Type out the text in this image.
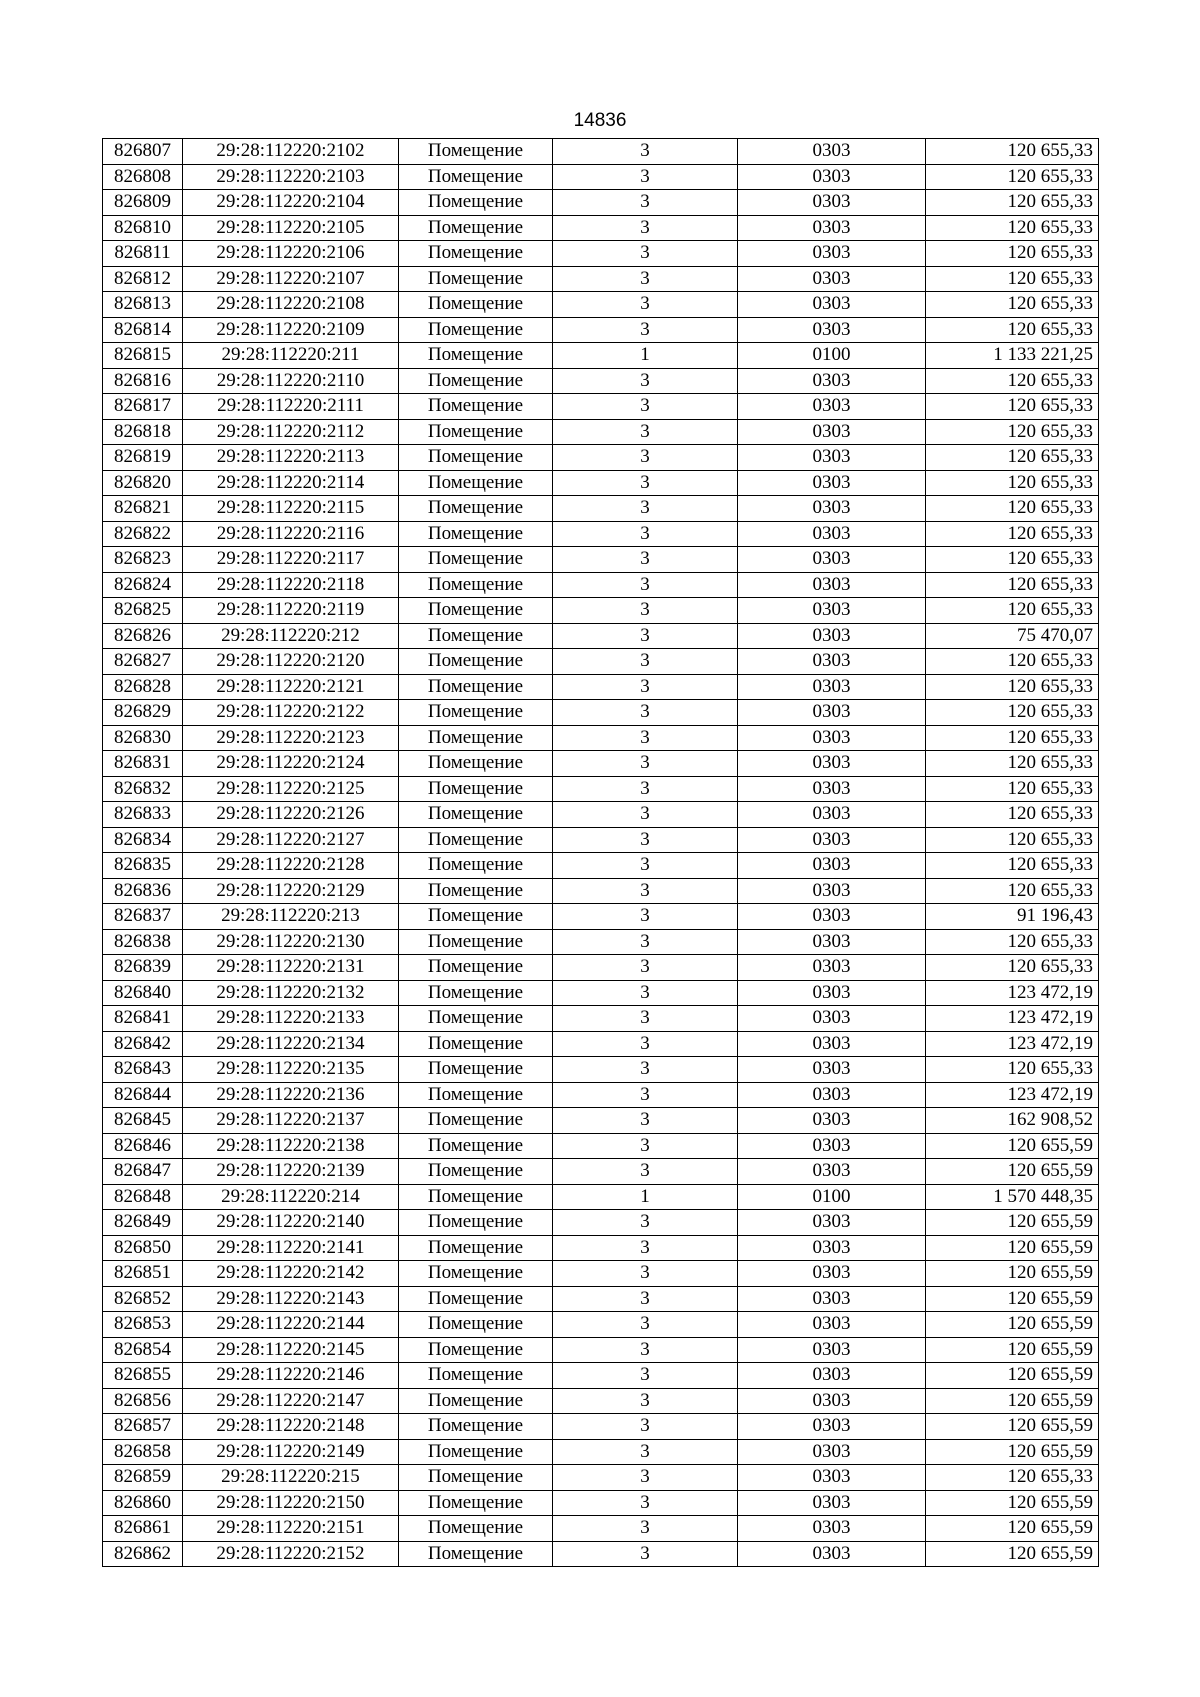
14836
826807	29:28:112220:2102	Помещение	3	0303	120 655,33
826808	29:28:112220:2103	Помещение	3	0303	120 655,33
826809	29:28:112220:2104	Помещение	3	0303	120 655,33
826810	29:28:112220:2105	Помещение	3	0303	120 655,33
826811	29:28:112220:2106	Помещение	3	0303	120 655,33
826812	29:28:112220:2107	Помещение	3	0303	120 655,33
826813	29:28:112220:2108	Помещение	3	0303	120 655,33
826814	29:28:112220:2109	Помещение	3	0303	120 655,33
826815	29:28:112220:211	Помещение	1	0100	1 133 221,25
826816	29:28:112220:2110	Помещение	3	0303	120 655,33
826817	29:28:112220:2111	Помещение	3	0303	120 655,33
826818	29:28:112220:2112	Помещение	3	0303	120 655,33
826819	29:28:112220:2113	Помещение	3	0303	120 655,33
826820	29:28:112220:2114	Помещение	3	0303	120 655,33
826821	29:28:112220:2115	Помещение	3	0303	120 655,33
826822	29:28:112220:2116	Помещение	3	0303	120 655,33
826823	29:28:112220:2117	Помещение	3	0303	120 655,33
826824	29:28:112220:2118	Помещение	3	0303	120 655,33
826825	29:28:112220:2119	Помещение	3	0303	120 655,33
826826	29:28:112220:212	Помещение	3	0303	75 470,07
826827	29:28:112220:2120	Помещение	3	0303	120 655,33
826828	29:28:112220:2121	Помещение	3	0303	120 655,33
826829	29:28:112220:2122	Помещение	3	0303	120 655,33
826830	29:28:112220:2123	Помещение	3	0303	120 655,33
826831	29:28:112220:2124	Помещение	3	0303	120 655,33
826832	29:28:112220:2125	Помещение	3	0303	120 655,33
826833	29:28:112220:2126	Помещение	3	0303	120 655,33
826834	29:28:112220:2127	Помещение	3	0303	120 655,33
826835	29:28:112220:2128	Помещение	3	0303	120 655,33
826836	29:28:112220:2129	Помещение	3	0303	120 655,33
826837	29:28:112220:213	Помещение	3	0303	91 196,43
826838	29:28:112220:2130	Помещение	3	0303	120 655,33
826839	29:28:112220:2131	Помещение	3	0303	120 655,33
826840	29:28:112220:2132	Помещение	3	0303	123 472,19
826841	29:28:112220:2133	Помещение	3	0303	123 472,19
826842	29:28:112220:2134	Помещение	3	0303	123 472,19
826843	29:28:112220:2135	Помещение	3	0303	120 655,33
826844	29:28:112220:2136	Помещение	3	0303	123 472,19
826845	29:28:112220:2137	Помещение	3	0303	162 908,52
826846	29:28:112220:2138	Помещение	3	0303	120 655,59
826847	29:28:112220:2139	Помещение	3	0303	120 655,59
826848	29:28:112220:214	Помещение	1	0100	1 570 448,35
826849	29:28:112220:2140	Помещение	3	0303	120 655,59
826850	29:28:112220:2141	Помещение	3	0303	120 655,59
826851	29:28:112220:2142	Помещение	3	0303	120 655,59
826852	29:28:112220:2143	Помещение	3	0303	120 655,59
826853	29:28:112220:2144	Помещение	3	0303	120 655,59
826854	29:28:112220:2145	Помещение	3	0303	120 655,59
826855	29:28:112220:2146	Помещение	3	0303	120 655,59
826856	29:28:112220:2147	Помещение	3	0303	120 655,59
826857	29:28:112220:2148	Помещение	3	0303	120 655,59
826858	29:28:112220:2149	Помещение	3	0303	120 655,59
826859	29:28:112220:215	Помещение	3	0303	120 655,33
826860	29:28:112220:2150	Помещение	3	0303	120 655,59
826861	29:28:112220:2151	Помещение	3	0303	120 655,59
826862	29:28:112220:2152	Помещение	3	0303	120 655,59
